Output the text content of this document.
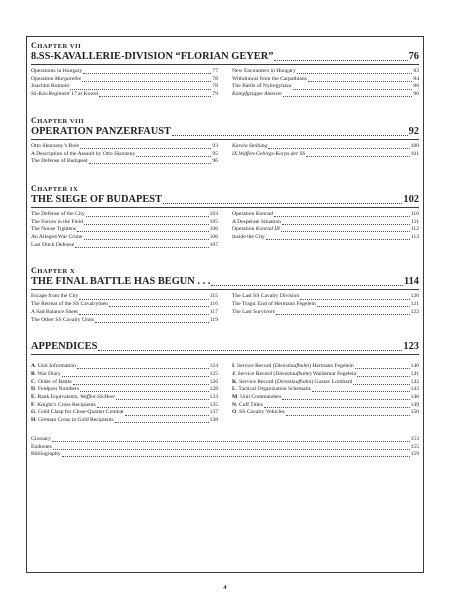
CHAPTER VII
8.SS-KAVALLERIE-DIVISION “FLORIAN GEYER”	76
Operations in Hungary	77
Operation Margarethe	78
Joachim Rumohr	78
SS-Kav.Regiment 17 at Kowel	79
New Encounters in Hungary	83
Withdrawal from the Carpathians	84
The Battle of Nyiregyhaza	88
Kampfgruppe Ameiser	90
CHAPTER VIII
OPERATION PANZERFAUST	92
Otto Skorzeny’s Role	93
A Description of the Assault by Otto Skorzeny	95
The Defense of Budapest	96
Karola Stellung	100
IX.Waffen-Gebirgs-Korps der SS	101
CHAPTER IX
THE SIEGE OF BUDAPEST	102
The Defense of the City	103
The Forces in the Field	105
The Noose Tightens	106
An Alleged War Crime	106
Last Ditch Defense	107
Operation Konrad	110
A Desperate Situation	111
Operation Konrad III	112
Inside the City	113
CHAPTER X
THE FINAL BATTLE HAS BEGUN . . .	114
Escape from the City	115
The Retreat of the SS Cavalrymen	116
A Sad Balance Sheet	117
The Other SS Cavalry Units	119
The Last SS Cavalry Division	120
The Tragic End of Hermann Fegelein	121
The Last Survivors	122
APPENDICES	123
A. Unit Information	124
B. War Diary	125
C. Order of Battle	126
D. Feldpost Numbers	128
E. Rank Equivalents, Waffen-SS/Heer	133
F. Knight’s Cross Recipients	135
G. Gold Clasp for Close-Quarter Combat	137
H. German Cross in Gold Recipients	138
I. Service Record (Dienstlaufbahn) Hermann Fegelein	140
J. Service Record (Dienstlaufbahn) Waldemar Fegelein	141
K. Service Record (Dienstlaufbahn) Gustav Lombard	142
L. Tactical Organization Schematic	143
M. Unit Commanders	146
N. Cuff Titles	149
O. SS Cavalry Vehicles	150
Glossary	153
Endnotes	155
Bibliography	159
4
